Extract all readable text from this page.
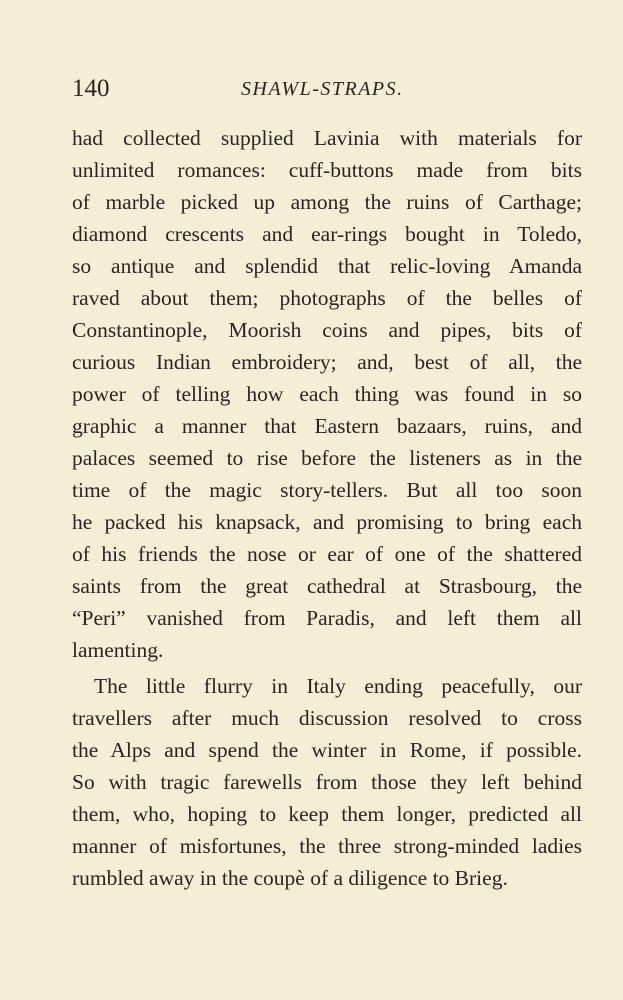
140	SHAWL-STRAPS.
had collected supplied Lavinia with materials for
unlimited romances: cuff-buttons made from bits
of marble picked up among the ruins of Carthage;
diamond crescents and ear-rings bought in Toledo,
so antique and splendid that relic-loving Amanda
raved about them; photographs of the belles of
Constantinople, Moorish coins and pipes, bits of
curious Indian embroidery; and, best of all, the
power of telling how each thing was found in so
graphic a manner that Eastern bazaars, ruins, and
palaces seemed to rise before the listeners as in the
time of the magic story-tellers. But all too soon
he packed his knapsack, and promising to bring each
of his friends the nose or ear of one of the shattered
saints from the great cathedral at Strasbourg, the
“Peri” vanished from Paradis, and left them all
lamenting.
The little flurry in Italy ending peacefully, our
travellers after much discussion resolved to cross
the Alps and spend the winter in Rome, if possible.
So with tragic farewells from those they left behind
them, who, hoping to keep them longer, predicted all
manner of misfortunes, the three strong-minded ladies
rumbled away in the coupè of a diligence to Brieg.
